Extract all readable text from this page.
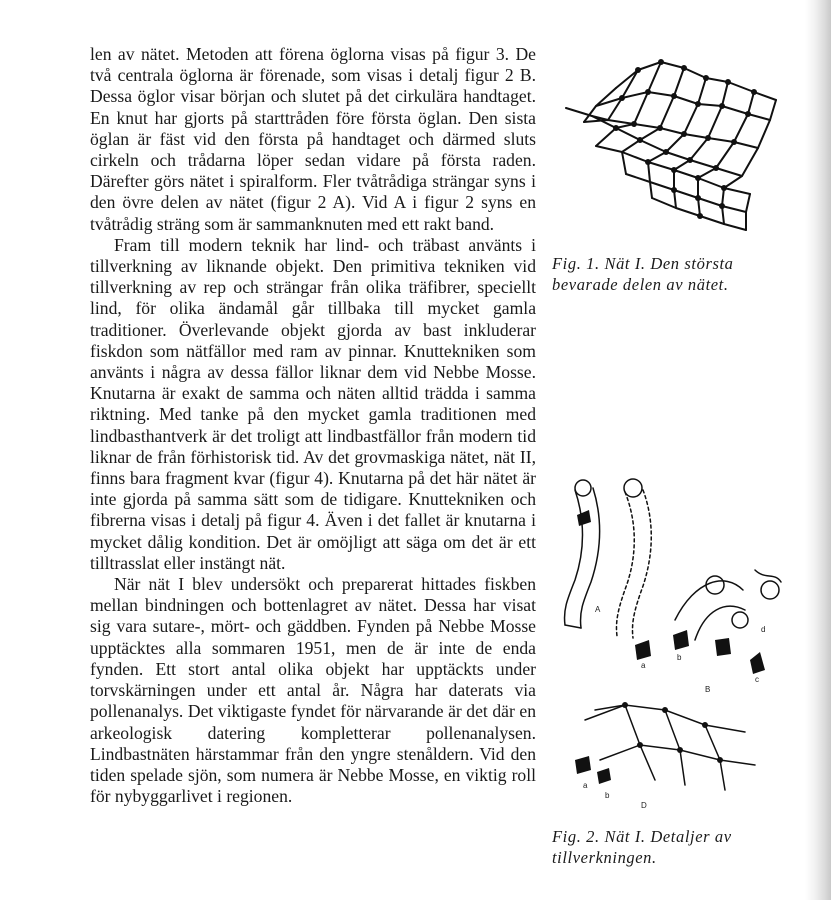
len av nätet. Metoden att förena öglorna visas på figur 3. De två centrala öglorna är förenade, som visas i detalj figur 2 B. Dessa öglor visar början och slutet på det cirkulära handtaget. En knut har gjorts på starttråden före första öglan. Den sista öglan är fäst vid den första på handtaget och därmed sluts cirkeln och trådarna löper sedan vidare på första raden. Därefter görs nätet i spiralform. Fler tvåtrådiga strängar syns i den övre delen av nätet (figur 2 A). Vid A i figur 2 syns en tvåtrådig sträng som är sammanknuten med ett rakt band.

Fram till modern teknik har lind- och träbast använts i tillverkning av liknande objekt. Den primitiva tekniken vid tillverkning av rep och strängar från olika träfibrer, speciellt lind, för olika ändamål går tillbaka till mycket gamla traditioner. Överlevande objekt gjorda av bast inkluderar fiskdon som nätfällor med ram av pinnar. Knuttekniken som använts i några av dessa fällor liknar dem vid Nebbe Mosse. Knutarna är exakt de samma och näten alltid trädda i samma riktning. Med tanke på den mycket gamla traditionen med lindbasthantverk är det troligt att lindbastfällor från modern tid liknar de från förhistorisk tid. Av det grovmaskiga nätet, nät II, finns bara fragment kvar (figur 4). Knutarna på det här nätet är inte gjorda på samma sätt som de tidigare. Knuttekniken och fibrerna visas i detalj på figur 4. Även i det fallet är knutarna i mycket dålig kondition. Det är omöjligt att säga om det är ett tilltrasslat eller instängt nät.

När nät I blev undersökt och preparerat hittades fiskben mellan bindningen och bottenlagret av nätet. Dessa har visat sig vara sutare-, mört- och gäddben. Fynden på Nebbe Mosse upptäcktes alla sommaren 1951, men de är inte de enda fynden. Ett stort antal olika objekt har upptäckts under torvskärningen under ett antal år. Några har daterats via pollenanalys. Det viktigaste fyndet för närvarande är det där en arkeologisk datering kompletterar pollenanalysen. Lindbastnäten härstammar från den yngre stenåldern. Vid den tiden spelade sjön, som numera är Nebbe Mosse, en viktig roll för nybyggarlivet i regionen.

Fig. 1. Nät I. Den största bevarade delen av nätet.
A
B
a
b
c
d
D
a
b
Fig. 2. Nät I. Detaljer av tillverkningen.
